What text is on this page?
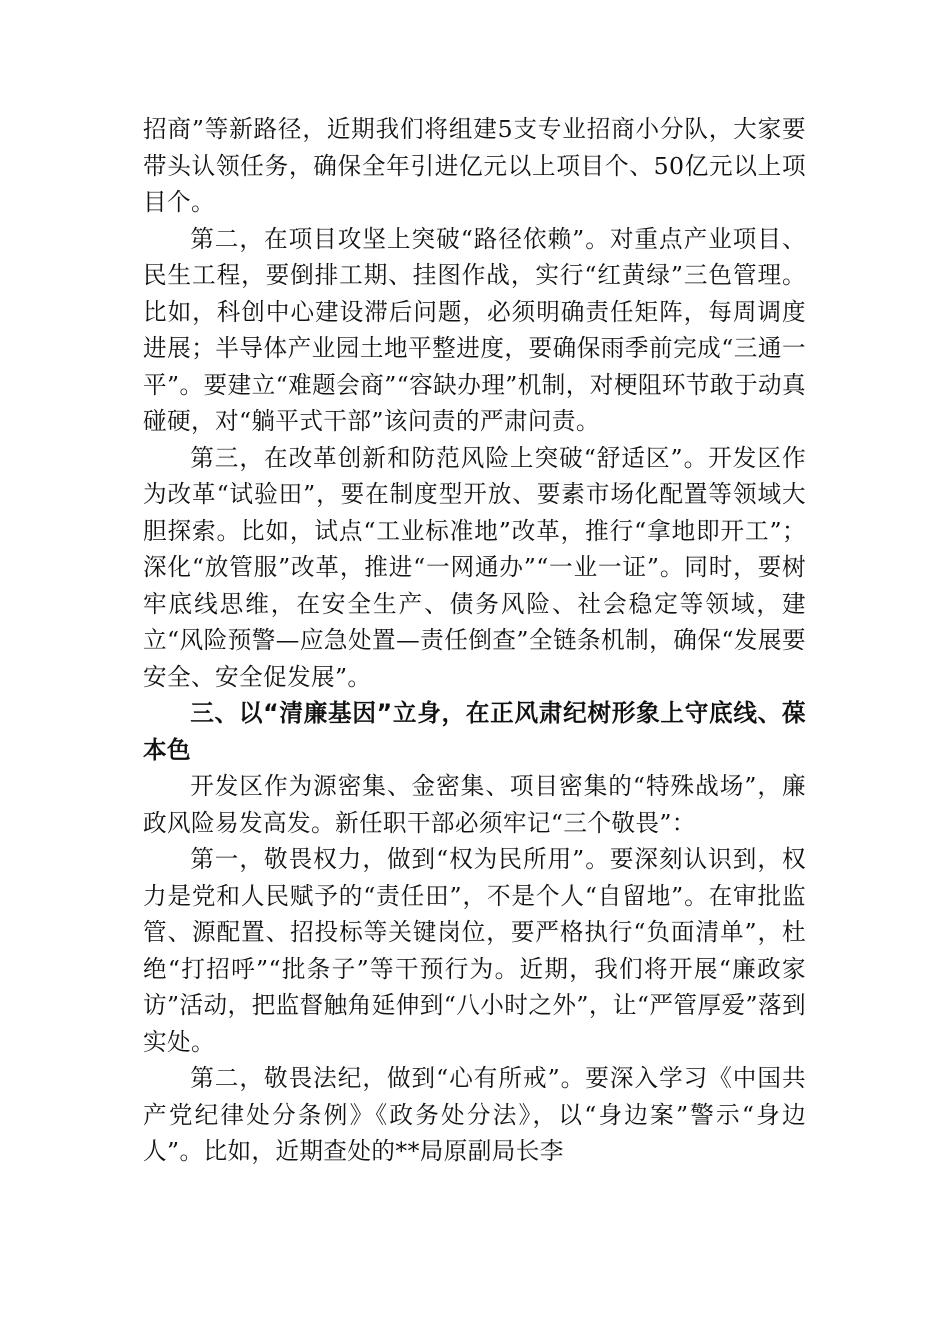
招商”等新路径，近期我们将组建5支专业招商小分队，大家要带头认领任务，确保全年引进亿元以上项目个、50亿元以上项目个。

第二，在项目攻坚上突破“路径依赖”。对重点产业项目、民生工程，要倒排工期、挂图作战，实行“红黄绿”三色管理。比如，科创中心建设滞后问题，必须明确责任矩阵，每周调度进展；半导体产业园土地平整进度，要确保雨季前完成“三通一平”。要建立“难题会商”“容缺办理”机制，对梗阻环节敢于动真碰硬，对“躺平式干部”该问责的严肃问责。

第三，在改革创新和防范风险上突破“舒适区”。开发区作为改革“试验田”，要在制度型开放、要素市场化配置等领域大胆探索。比如，试点“工业标准地”改革，推行“拿地即开工”；深化“放管服”改革，推进“一网通办”“一业一证”。同时，要树牢底线思维，在安全生产、债务风险、社会稳定等领域，建立“风险预警—应急处置—责任倒查”全链条机制，确保“发展要安全、安全促发展”。

三、以“清廉基因”立身，在正风肃纪树形象上守底线、葆本色

开发区作为源密集、金密集、项目密集的“特殊战场”，廉政风险易发高发。新任职干部必须牢记“三个敬畏”：

第一，敬畏权力，做到“权为民所用”。要深刻认识到，权力是党和人民赋予的“责任田”，不是个人“自留地”。在审批监管、源配置、招投标等关键岗位，要严格执行“负面清单”，杜绝“打招呼”“批条子”等干预行为。近期，我们将开展“廉政家访”活动，把监督触角延伸到“八小时之外”，让“严管厚爱”落到实处。

第二，敬畏法纪，做到“心有所戒”。要深入学习《中国共产党纪律处分条例》《政务处分法》，以“身边案”警示“身边人”。比如，近期查处的**局原副局长李
